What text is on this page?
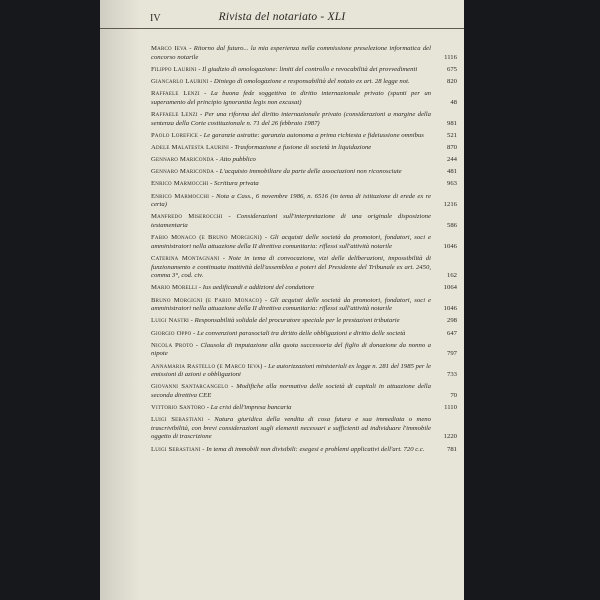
IV	Rivista del notariato - XLI
Marco Ieva - Ritorno dal futuro... la mia esperienza nella commissione preselezione informatica del concorso notarile	1116
Filippo Laurini - Il giudizio di omologazione: limiti del controllo e revocabilità dei provvedimenti	675
Giancarlo Laurini - Diniego di omologazione e responsabilità del notaio ex art. 28 legge not.	820
Raffaele Lenzi - La buona fede soggettiva in diritto internazionale privato (spunti per un superamento del principio ignorantia legis non excusat)	48
Raffaele Lenzi - Per una riforma del diritto internazionale privato (considerazioni a margine della sentenza della Corte costituzionale n. 71 del 26 febbraio 1987)	981
Paolo Lorefice - Le garanzie astratte: garanzia autonoma a prima richiesta e fideiussione omnibus	521
Adele Malatesta Laurini - Trasformazione e fusione di società in liquidazione	870
Gennaro Mariconda - Atto pubblico	244
Gennaro Mariconda - L'acquisto immobiliare da parte delle associazioni non riconosciute	481
Enrico Marmocchi - Scrittura privata	963
Enrico Marmocchi - Nota a Cass., 6 novembre 1986, n. 6516 (in tema di istituzione di erede ex re certa)	1216
Manfredo Miserocchi - Considerazioni sull'interpretazione di una originale disposizione testamentaria	586
Fabio Monaco (e Bruno Morgigni) - Gli acquisti delle società da promotori, fondatori, soci e amministratori nella attuazione della II direttiva comunitaria: riflessi sull'attività notarile	1046
Caterina Montagnani - Note in tema di convocazione, vizi delle deliberazioni, impossibilità di funzionamento e continuata inattività dell'assemblea e poteri del Presidente del Tribunale ex art. 2450, comma 3°, cod. civ.	162
Mario Morelli - Ius aedificandi e addizioni del conduttore	1064
Bruno Morgigni (e Fabio Monaco) - Gli acquisti delle società da promotori, fondatori, soci e amministratori nella attuazione della II direttiva comunitaria: riflessi sull'attività notarile	1046
Luigi Nastri - Responsabilità solidale del procuratore speciale per le prestazioni tributarie	298
Giorgio Oppo - Le convenzioni parasociali tra diritto delle obbligazioni e diritto delle società	647
Nicola Proto - Clausola di imputazione alla quota successoria del figlio di donazione da nonno a nipote	797
Annamaria Rastello (e Marco Ieva) - Le autorizzazioni ministeriali ex legge n. 281 del 1985 per le emissioni di azioni e obbligazioni	733
Giovanni Santarcangelo - Modifiche alla normativa delle società di capitali in attuazione della seconda direttiva CEE	70
Vittorio Santoro - La crisi dell'impresa bancaria	1110
Luigi Sebastiani - Natura giuridica della vendita di cosa futura e sua immediata o meno trascrivibilità, con brevi considerazioni sugli elementi necessari e sufficienti ad individuare l'immobile oggetto di trascrizione	1220
Luigi Sebastiani - In tema di immobili non divisibili: esegesi e problemi applicativi dell'art. 720 c.c.	781
